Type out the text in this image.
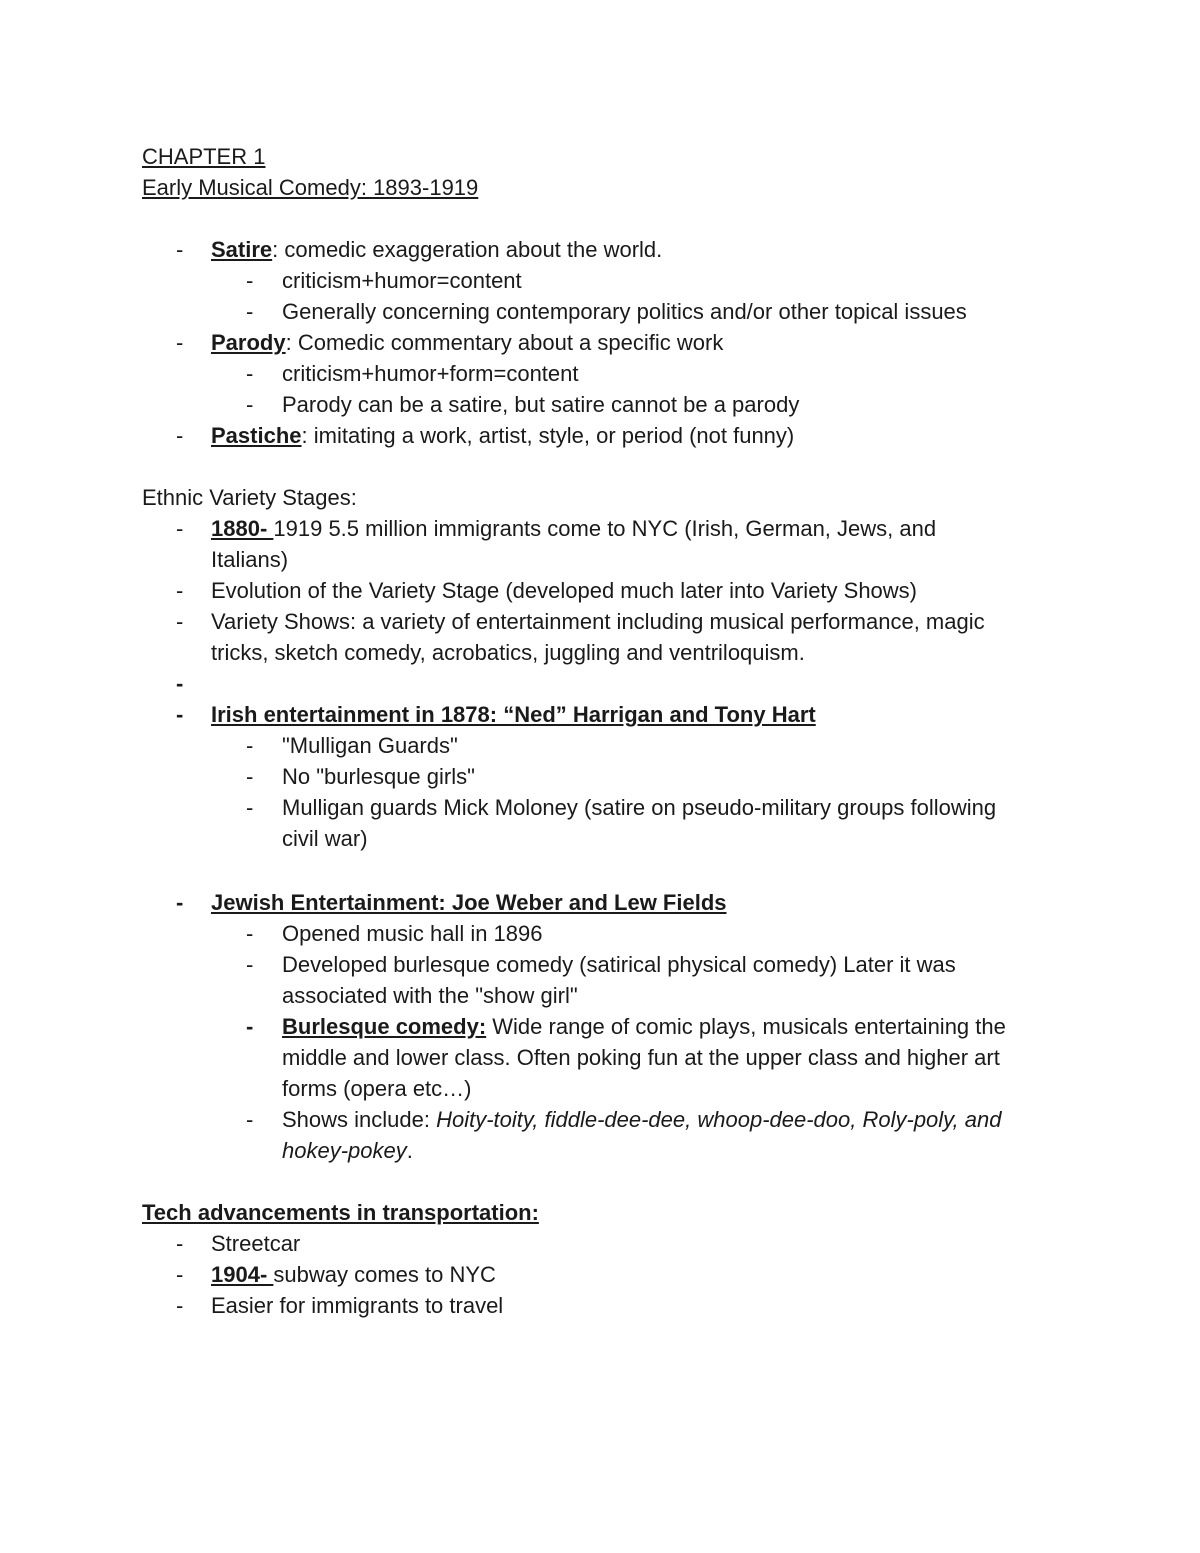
CHAPTER 1
Early Musical Comedy: 1893-1919
- Satire: comedic exaggeration about the world.
- criticism+humor=content
- Generally concerning contemporary politics and/or other topical issues
- Parody: Comedic commentary about a specific work
- criticism+humor+form=content
- Parody can be a satire, but satire cannot be a parody
- Pastiche: imitating a work, artist, style, or period (not funny)
Ethnic Variety Stages:
- 1880- 1919 5.5 million immigrants come to NYC (Irish, German, Jews, and
Italians)
- Evolution of the Variety Stage (developed much later into Variety Shows)
- Variety Shows: a variety of entertainment including musical performance, magic
tricks, sketch comedy, acrobatics, juggling and ventriloquism.
-
- Irish entertainment in 1878: “Ned” Harrigan and Tony Hart
- "Mulligan Guards"
- No "burlesque girls"
- Mulligan guards Mick Moloney (satire on pseudo-military groups following
civil war)
- Jewish Entertainment: Joe Weber and Lew Fields
- Opened music hall in 1896
- Developed burlesque comedy (satirical physical comedy) Later it was
associated with the "show girl"
- Burlesque comedy: Wide range of comic plays, musicals entertaining the
middle and lower class. Often poking fun at the upper class and higher art
forms (opera etc…)
- Shows include: Hoity-toity, fiddle-dee-dee, whoop-dee-doo, Roly-poly, and
hokey-pokey.
Tech advancements in transportation:
- Streetcar
- 1904- subway comes to NYC
- Easier for immigrants to travel
